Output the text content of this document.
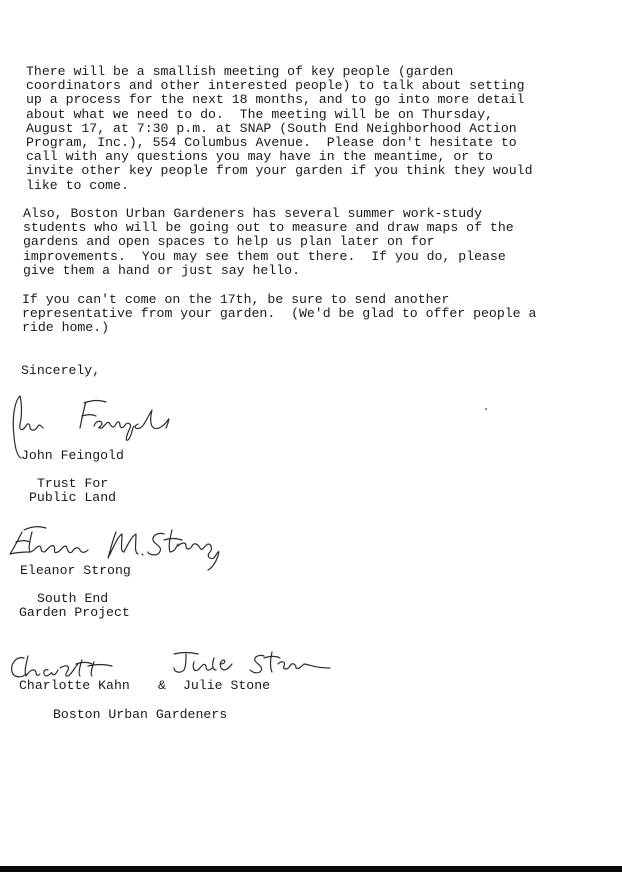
There will be a smallish meeting of key people (garden
coordinators and other interested people) to talk about setting
up a process for the next 18 months, and to go into more detail
about what we need to do.  The meeting will be on Thursday,
August 17, at 7:30 p.m. at SNAP (South End Neighborhood Action
Program, Inc.), 554 Columbus Avenue.  Please don't hesitate to
call with any questions you may have in the meantime, or to
invite other key people from your garden if you think they would
like to come.

Also, Boston Urban Gardeners has several summer work-study
students who will be going out to measure and draw maps of the
gardens and open spaces to help us plan later on for
improvements.  You may see them out there.  If you do, please
give them a hand or just say hello.

If you can't come on the 17th, be sure to send another
representative from your garden.  (We'd be glad to offer people a
ride home.)

Sincerely,

John Feingold

Trust For

Public Land

Eleanor Strong

South End

Garden Project

Charlotte Kahn & Julie Stone

Boston Urban Gardeners
